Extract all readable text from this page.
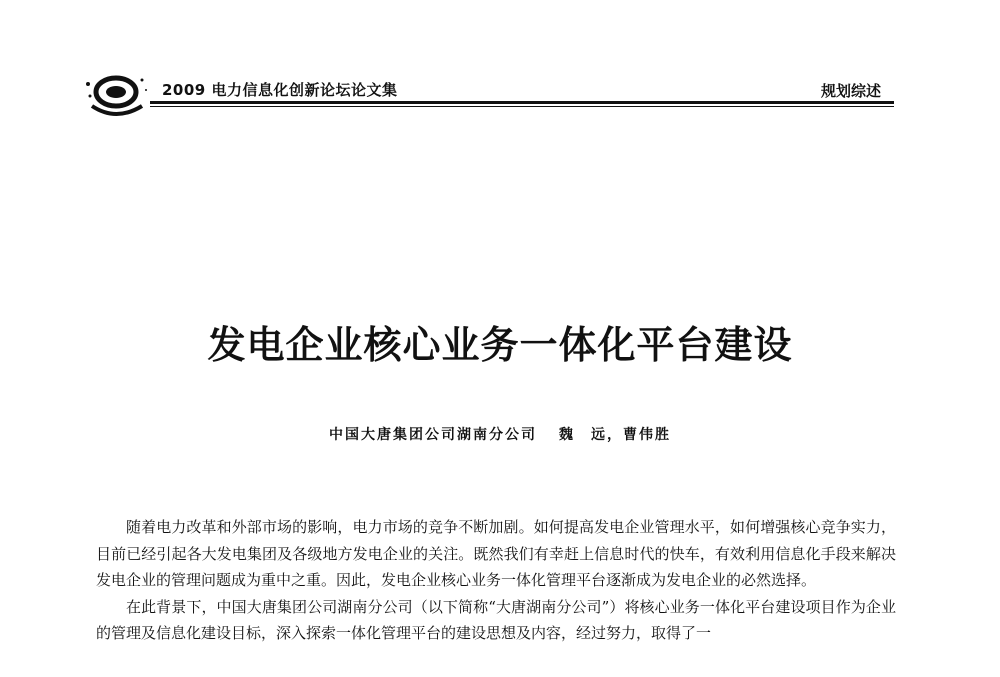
2009 电力信息化创新论坛论文集	规划综述
发电企业核心业务一体化平台建设
中国大唐集团公司湖南分公司 魏　远，曹伟胜

随着电力改革和外部市场的影响，电力市场的竞争不断加剧。如何提高发电企业管理水平，如何增强核心竞争实力，目前已经引起各大发电集团及各级地方发电企业的关注。既然我们有幸赶上信息时代的快车，有效利用信息化手段来解决发电企业的管理问题成为重中之重。因此，发电企业核心业务一体化管理平台逐渐成为发电企业的必然选择。

在此背景下，中国大唐集团公司湖南分公司（以下简称“大唐湖南分公司”）将核心业务一体化平台建设项目作为企业的管理及信息化建设目标，深入探索一体化管理平台的建设思想及内容，经过努力，取得了一
